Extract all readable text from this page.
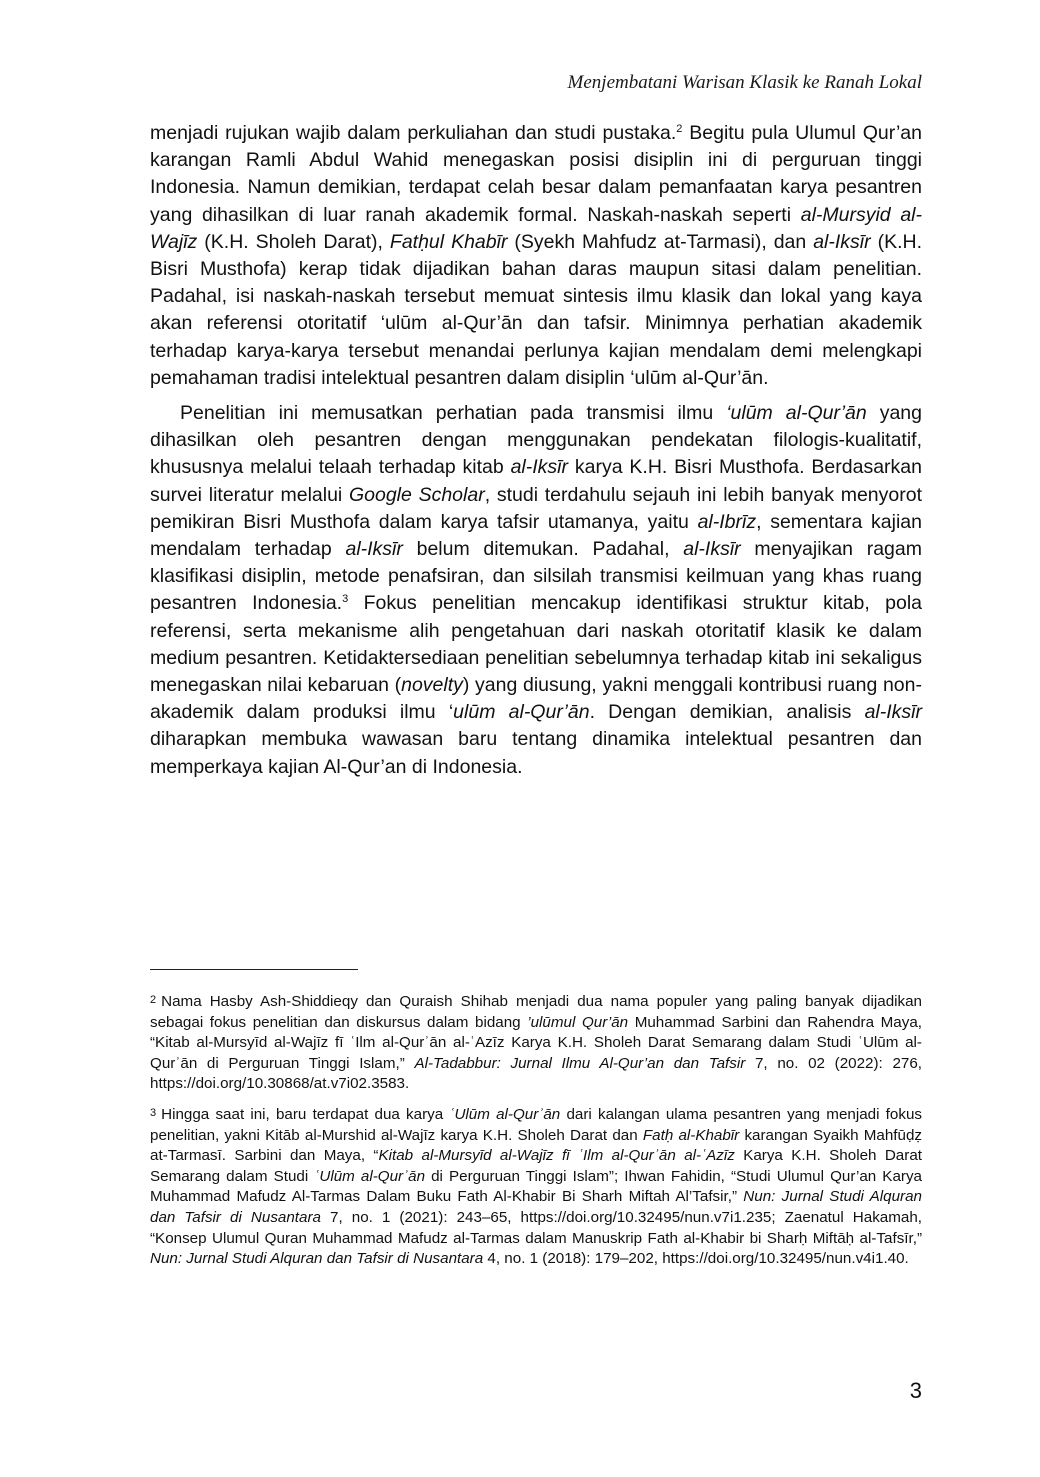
Menjembatani Warisan Klasik ke Ranah Lokal

menjadi rujukan wajib dalam perkuliahan dan studi pustaka.$^2$ Begitu pula Ulumul Qur’an karangan Ramli Abdul Wahid menegaskan posisi disiplin ini di perguruan tinggi Indonesia. Namun demikian, terdapat celah besar dalam pemanfaatan karya pesantren yang dihasilkan di luar ranah akademik formal. Naskah-naskah seperti al-Mursyid al-Wajīz (K.H. Sholeh Darat), Fatḥul Khabīr (Syekh Mahfudz at-Tarmasi), dan al-Iksīr (K.H. Bisri Musthofa) kerap tidak dijadikan bahan daras maupun sitasi dalam penelitian. Padahal, isi naskah-naskah tersebut memuat sintesis ilmu klasik dan lokal yang kaya akan referensi otoritatif ‘ulūm al-Qur’ān dan tafsir. Minimnya perhatian akademik terhadap karya-karya tersebut menandai perlunya kajian mendalam demi melengkapi pemahaman tradisi intelektual pesantren dalam disiplin ‘ulūm al-Qur’ān.

Penelitian ini memusatkan perhatian pada transmisi ilmu ‘ulūm al-Qur’ān yang dihasilkan oleh pesantren dengan menggunakan pendekatan filologis-kualitatif, khususnya melalui telaah terhadap kitab al-Iksīr karya K.H. Bisri Musthofa. Berdasarkan survei literatur melalui Google Scholar, studi terdahulu sejauh ini lebih banyak menyorot pemikiran Bisri Musthofa dalam karya tafsir utamanya, yaitu al-Ibrīz, sementara kajian mendalam terhadap al-Iksīr belum ditemukan. Padahal, al-Iksīr menyajikan ragam klasifikasi disiplin, metode penafsiran, dan silsilah transmisi keilmuan yang khas ruang pesantren Indonesia.$^3$ Fokus penelitian mencakup identifikasi struktur kitab, pola referensi, serta mekanisme alih pengetahuan dari naskah otoritatif klasik ke dalam medium pesantren. Ketidaktersediaan penelitian sebelumnya terhadap kitab ini sekaligus menegaskan nilai kebaruan (novelty) yang diusung, yakni menggali kontribusi ruang non-akademik dalam produksi ilmu ‘ulūm al-Qur’ān. Dengan demikian, analisis al-Iksīr diharapkan membuka wawasan baru tentang dinamika intelektual pesantren dan memperkaya kajian Al-Qur’an di Indonesia.

2 Nama Hasby Ash-Shiddieqy dan Quraish Shihab menjadi dua nama populer yang paling banyak dijadikan sebagai fokus penelitian dan diskursus dalam bidang ’ulūmul Qur’ān Muhammad Sarbini dan Rahendra Maya, “Kitab al-Mursyīd al-Wajīz fī ʿIlm al-Qurʾān al-ʿAzīz Karya K.H. Sholeh Darat Semarang dalam Studi ʿUlūm al-Qurʾān di Perguruan Tinggi Islam,” Al-Tadabbur: Jurnal Ilmu Al-Qur’an dan Tafsir 7, no. 02 (2022): 276, https://doi.org/10.30868/at.v7i02.3583.

3 Hingga saat ini, baru terdapat dua karya ʿUlūm al-Qurʾān dari kalangan ulama pesantren yang menjadi fokus penelitian, yakni Kitāb al-Murshid al-Wajīz karya K.H. Sholeh Darat dan Fatḥ al-Khabīr karangan Syaikh Mahfūḍẓ at-Tarmasī. Sarbini dan Maya, “Kitab al-Mursyīd al-Wajīz fī ʿIlm al-Qurʾān al-ʿAzīz Karya K.H. Sholeh Darat Semarang dalam Studi ʿUlūm al-Qurʾān di Perguruan Tinggi Islam”; Ihwan Fahidin, “Studi Ulumul Qur’an Karya Muhammad Mafudz Al-Tarmas Dalam Buku Fath Al-Khabir Bi Sharh Miftah Al’Tafsir,” Nun: Jurnal Studi Alquran dan Tafsir di Nusantara 7, no. 1 (2021): 243–65, https://doi.org/10.32495/nun.v7i1.235; Zaenatul Hakamah, “Konsep Ulumul Quran Muhammad Mafudz al-Tarmas dalam Manuskrip Fath al-Khabir bi Sharḥ Miftāḥ al-Tafsīr,” Nun: Jurnal Studi Alquran dan Tafsir di Nusantara 4, no. 1 (2018): 179–202, https://doi.org/10.32495/nun.v4i1.40.

3
